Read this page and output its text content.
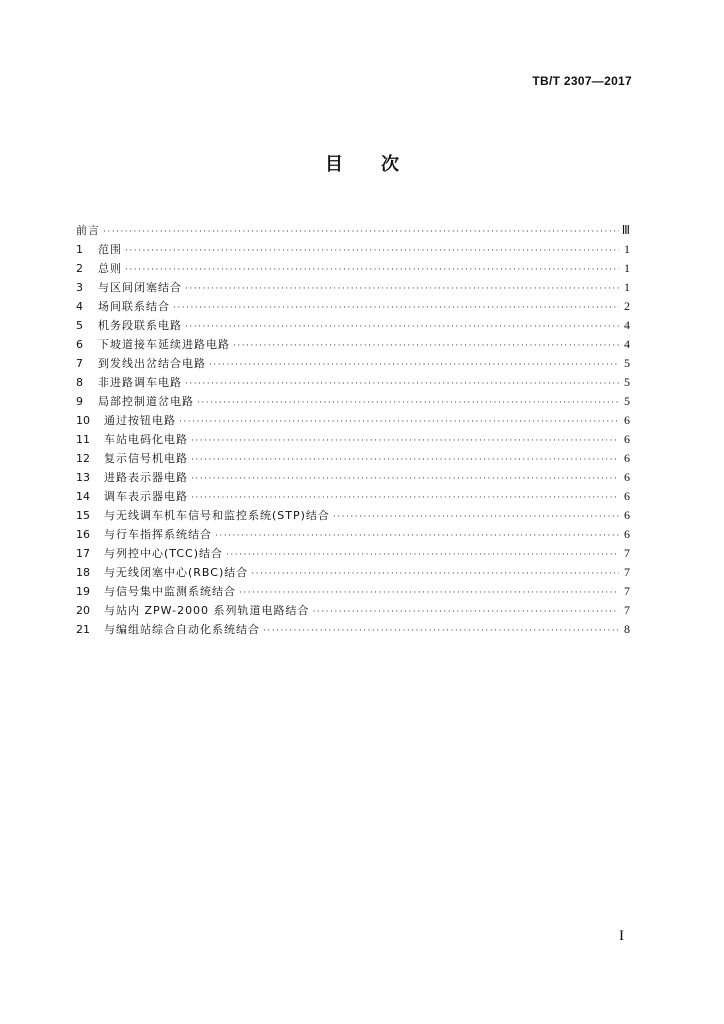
TB/T 2307—2017
目次
前言 ·····	Ⅲ
1	范围 ·····	1
2	总则 ·····	1
3	与区间闭塞结合 ·····	1
4	场间联系结合 ·····	2
5	机务段联系电路 ·····	4
6	下坡道接车延续进路电路 ·····	4
7	到发线出岔结合电路 ·····	5
8	非进路调车电路 ·····	5
9	局部控制道岔电路 ·····	5
10	通过按钮电路 ·····	6
11	车站电码化电路 ·····	6
12	复示信号机电路 ·····	6
13	进路表示器电路 ·····	6
14	调车表示器电路 ·····	6
15	与无线调车机车信号和监控系统(STP)结合 ·····	6
16	与行车指挥系统结合 ·····	6
17	与列控中心(TCC)结合 ·····	7
18	与无线闭塞中心(RBC)结合 ·····	7
19	与信号集中监测系统结合 ·····	7
20	与站内 ZPW-2000 系列轨道电路结合 ·····	7
21	与编组站综合自动化系统结合 ·····	8
I
